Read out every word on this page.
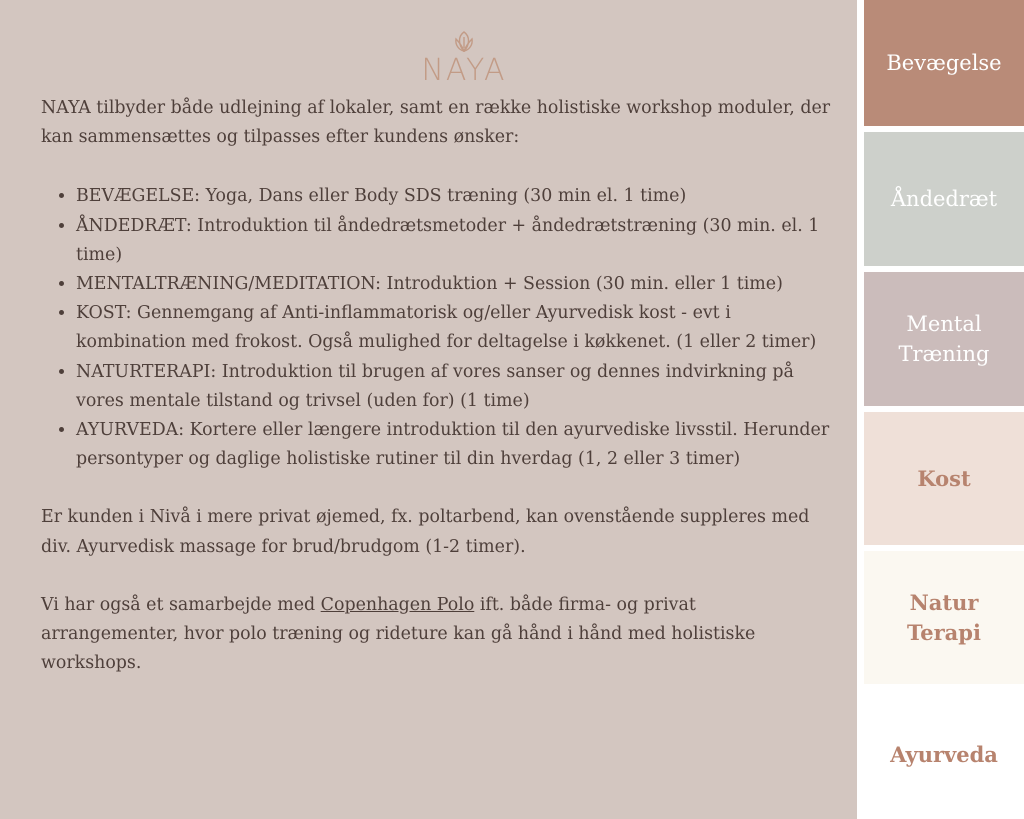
NAYA

NAYA tilbyder både udlejning af lokaler, samt en række holistiske workshop moduler, der kan sammensættes og tilpasses efter kundens ønsker:

• BEVÆGELSE: Yoga, Dans eller Body SDS træning (30 min el. 1 time)
• ÅNDEDRÆT: Introduktion til åndedrætsmetoder + åndedrætstræning (30 min. el. 1 time)
• MENTALTRÆNING/MEDITATION: Introduktion + Session (30 min. eller 1 time)
• KOST: Gennemgang af Anti-inflammatorisk og/eller Ayurvedisk kost - evt i kombination med frokost. Også mulighed for deltagelse i køkkenet. (1 eller 2 timer)
• NATURTERAPI: Introduktion til brugen af vores sanser og dennes indvirkning på vores mentale tilstand og trivsel (uden for) (1 time)
• AYURVEDA: Kortere eller længere introduktion til den ayurvediske livsstil. Herunder persontyper og daglige holistiske rutiner til din hverdag (1, 2 eller 3 timer)

Er kunden i Nivå i mere privat øjemed, fx. poltarbend, kan ovenstående suppleres med div. Ayurvedisk massage for brud/brudgom (1-2 timer).

Vi har også et samarbejde med Copenhagen Polo ift. både firma- og privat arrangementer, hvor polo træning og rideture kan gå hånd i hånd med holistiske workshops.

Bevægelse
Åndedræt
Mental
Træning
Kost
Natur
Terapi
Ayurveda
